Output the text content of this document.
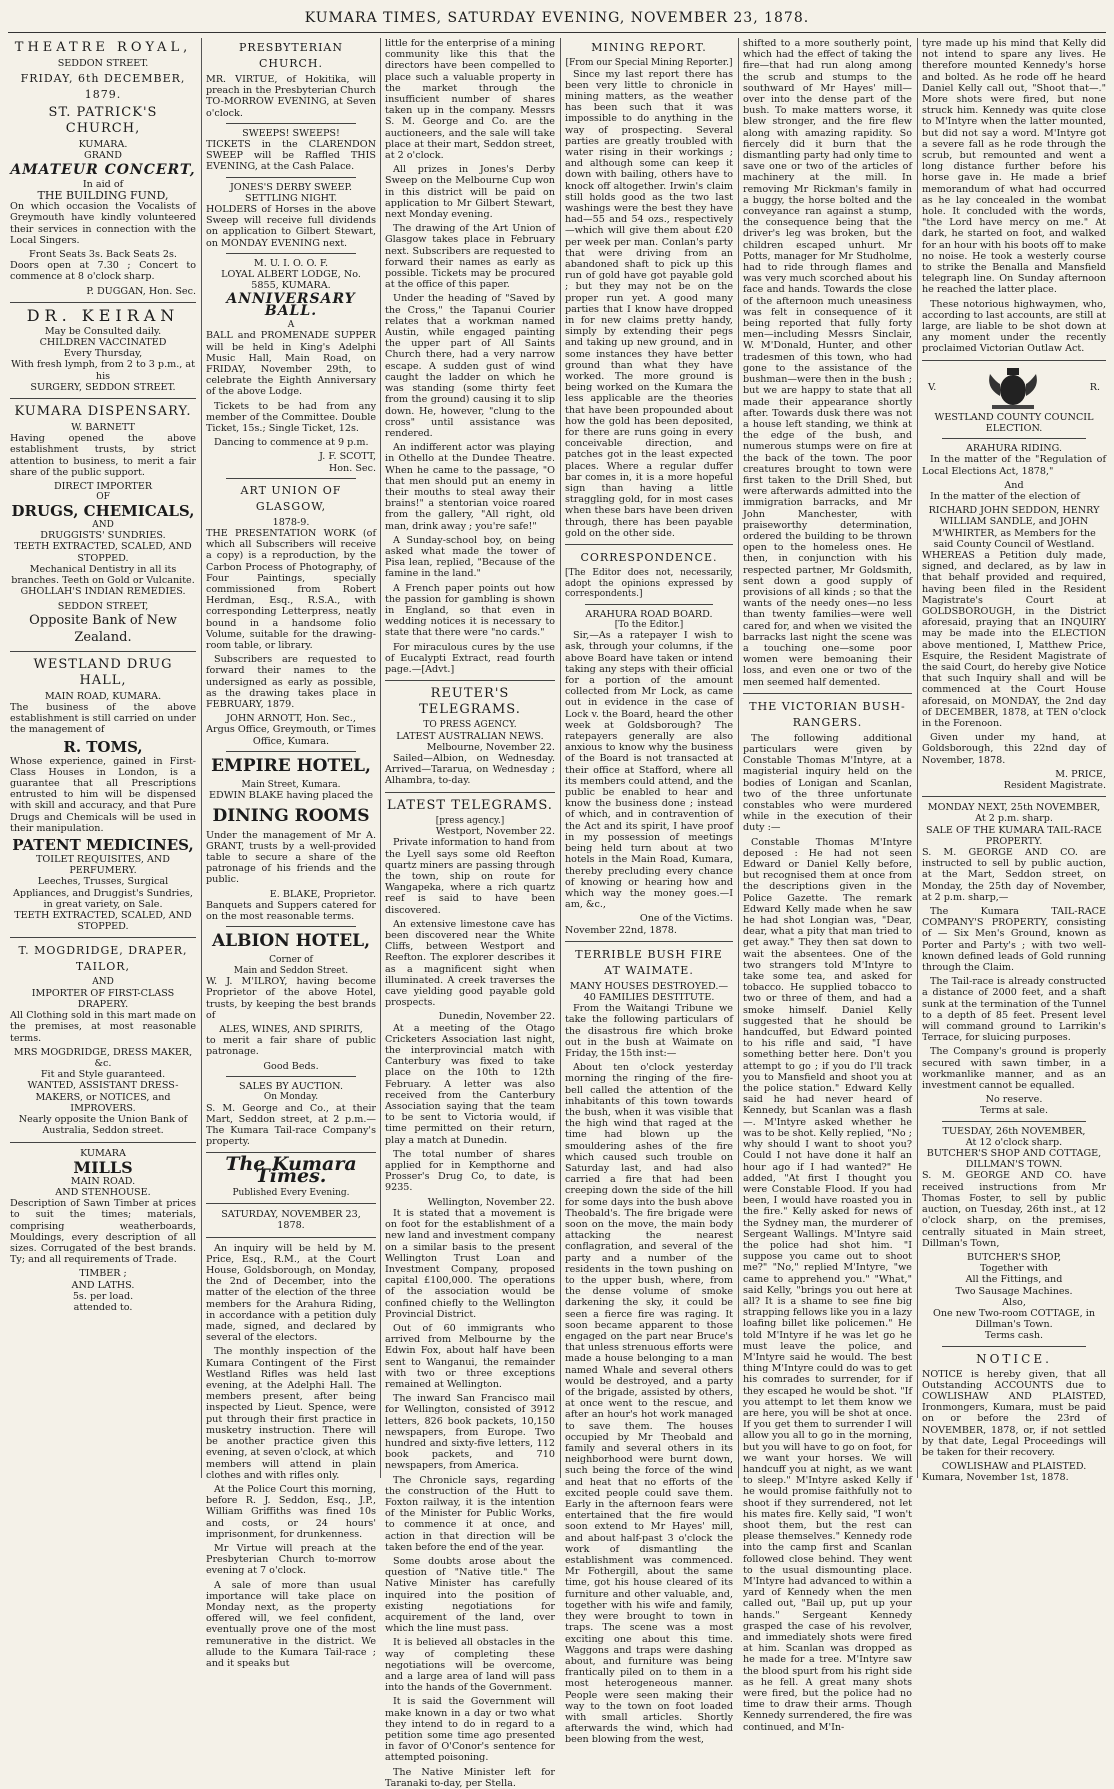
KUMARA TIMES, SATURDAY EVENING, NOVEMBER 23, 1878.
THEATRE ROYAL,
SEDDON STREET.
FRIDAY, 6th DECEMBER, 1879.
ST. PATRICK'S CHURCH,
KUMARA.
GRAND
AMATEUR CONCERT,
In aid of
THE BUILDING FUND,

On which occasion the Vocalists of Greymouth have kindly volunteered their services in connection with the Local Singers.

Front Seats 3s. Back Seats 2s.

Doors open at 7.30 ; Concert to commence at 8 o'clock sharp.

P. DUGGAN, Hon. Sec.
DR. KEIRAN
May be Consulted daily.
CHILDREN VACCINATED
Every Thursday,
With fresh lymph, from 2 to 3 p.m., at his
SURGERY, SEDDON STREET.
KUMARA DISPENSARY.
W. BARNETT

Having opened the above establishment trusts, by strict attention to business, to merit a fair share of the public support.

DIRECT IMPORTER
OF
DRUGS, CHEMICALS,
AND
DRUGGISTS' SUNDRIES.
TEETH EXTRACTED, SCALED, AND STOPPED.
Mechanical Dentistry in all its branches. Teeth on Gold or Vulcanite.
GHOLLAH'S INDIAN REMEDIES.
SEDDON STREET,
Opposite Bank of New Zealand.
WESTLAND DRUG HALL,
MAIN ROAD, KUMARA.

The business of the above establishment is still carried on under the management of

R. TOMS,

Whose experience, gained in First-Class Houses in London, is a guarantee that all Prescriptions entrusted to him will be dispensed with skill and accuracy, and that Pure Drugs and Chemicals will be used in their manipulation.

PATENT MEDICINES,
TOILET REQUISITES, AND PERFUMERY.
Leeches, Trusses, Surgical Appliances, and Druggist's Sundries, in great variety, on Sale.
TEETH EXTRACTED, SCALED, AND STOPPED.
T. MOGDRIDGE, DRAPER, TAILOR,
AND
IMPORTER OF FIRST-CLASS DRAPERY.

All Clothing sold in this mart made on the premises, at most reasonable terms.

MRS MOGDRIDGE, DRESS MAKER, &c.
Fit and Style guaranteed.
WANTED, ASSISTANT DRESS-MAKERS, or NOTICES, and IMPROVERS.
Nearly opposite the Union Bank of Australia, Seddon street.
KUMARA
MILLS
MAIN ROAD.
AND STENHOUSE.

Description of Sawn Timber at prices to suit the times; materials, comprising weatherboards, Mouldings, every description of all sizes. Corrugated of the best brands. Ty; and all requirements of Trade.

TIMBER ;
AND LATHS.
5s. per load.
attended to.
PRESBYTERIAN CHURCH.

MR. VIRTUE, of Hokitika, will preach in the Presbyterian Church TO-MORROW EVENING, at Seven o'clock.

SWEEPS! SWEEPS!

TICKETS in the CLARENDON SWEEP will be Raffled THIS EVENING, at the Cash Palace.

JONES'S DERBY SWEEP.
SETTLING NIGHT.

HOLDERS of Horses in the above Sweep will receive full dividends on application to Gilbert Stewart, on MONDAY EVENING next.

M. U. I. O. O. F.
LOYAL ALBERT LODGE, No. 5855, KUMARA.
ANNIVERSARY BALL.
A

BALL and PROMENADE SUPPER will be held in King's Adelphi Music Hall, Main Road, on FRIDAY, November 29th, to celebrate the Eighth Anniversary of the above Lodge.

Tickets to be had from any member of the Committee. Double Ticket, 15s.; Single Ticket, 12s.

Dancing to commence at 9 p.m.

J. F. SCOTT,
Hon. Sec.
ART UNION OF GLASGOW,
1878-9.

THE PRESENTATION WORK (of which all Subscribers will receive a copy) is a reproduction, by the Carbon Process of Photography, of Four Paintings, specially commissioned from Robert Herdman, Esq., R.S.A., with corresponding Letterpress, neatly bound in a handsome folio Volume, suitable for the drawing-room table, or library.

Subscribers are requested to forward their names to the undersigned as early as possible, as the drawing takes place in FEBRUARY, 1879.

JOHN ARNOTT, Hon. Sec.,
Argus Office, Greymouth, or Times Office, Kumara.
EMPIRE HOTEL,
Main Street, Kumara.
EDWIN BLAKE having placed the
DINING ROOMS

Under the management of Mr A. GRANT, trusts by a well-provided table to secure a share of the patronage of his friends and the public.

E. BLAKE, Proprietor.

Banquets and Suppers catered for on the most reasonable terms.

ALBION HOTEL,
Corner of
Main and Seddon Street.

W. J. M'ILROY, having become Proprietor of the above Hotel, trusts, by keeping the best brands of

ALES, WINES, AND SPIRITS,

to merit a fair share of public patronage.

Good Beds.
SALES BY AUCTION.
On Monday.

S. M. George and Co., at their Mart, Seddon street, at 2 p.m.—The Kumara Tail-race Company's property.

The Kumara Times.
Published Every Evening.
SATURDAY, NOVEMBER 23, 1878.

An inquiry will be held by M. Price, Esq., R.M., at the Court House, Goldsborough, on Monday, the 2nd of December, into the matter of the election of the three members for the Arahura Riding, in accordance with a petition duly made, signed, and declared by several of the electors.

The monthly inspection of the Kumara Contingent of the First Westland Rifles was held last evening, at the Adelphi Hall. The members present, after being inspected by Lieut. Spence, were put through their first practice in musketry instruction. There will be another practice given this evening, at seven o'clock, at which members will attend in plain clothes and with rifles only.

At the Police Court this morning, before R. J. Seddon, Esq., J.P., William Griffiths was fined 10s and costs, or 24 hours' imprisonment, for drunkenness.

Mr Virtue will preach at the Presbyterian Church to-morrow evening at 7 o'clock.

A sale of more than usual importance will take place on Monday next, as the property offered will, we feel confident, eventually prove one of the most remunerative in the district. We allude to the Kumara Tail-race ; and it speaks but

little for the enterprise of a mining community like this that the directors have been compelled to place such a valuable property in the market through the insufficient number of shares taken up in the company. Messrs S. M. George and Co. are the auctioneers, and the sale will take place at their mart, Seddon street, at 2 o'clock.

All prizes in Jones's Derby Sweep on the Melbourne Cup won in this district will be paid on application to Mr Gilbert Stewart, next Monday evening.

The drawing of the Art Union of Glasgow takes place in February next. Subscribers are requested to forward their names as early as possible. Tickets may be procured at the office of this paper.

Under the heading of "Saved by the Cross," the Tapanui Courier relates that a workman named Austin, while engaged painting the upper part of All Saints Church there, had a very narrow escape. A sudden gust of wind caught the ladder on which he was standing (some thirty feet from the ground) causing it to slip down. He, however, "clung to the cross" until assistance was rendered.

An indifferent actor was playing in Othello at the Dundee Theatre. When he came to the passage, "O that men should put an enemy in their mouths to steal away their brains!" a stentorian voice roared from the gallery, "All right, old man, drink away ; you're safe!"

A Sunday-school boy, on being asked what made the tower of Pisa lean, replied, "Because of the famine in the land."

A French paper points out how the passion for gambling is shown in England, so that even in wedding notices it is necessary to state that there were "no cards."

For miraculous cures by the use of Eucalypti Extract, read fourth page.—[Advt.]

REUTER'S TELEGRAMS.
TO PRESS AGENCY.
LATEST AUSTRALIAN NEWS.
Melbourne, November 22.

Sailed—Albion, on Wednesday. Arrived—Tararua, on Wednesday ; Alhambra, to-day.

LATEST TELEGRAMS.
[press agency.]
Westport, November 22.

Private information to hand from the Lyell says some old Reefton quartz miners are passing through the town, ship on route for Wangapeka, where a rich quartz reef is said to have been discovered.

An extensive limestone cave has been discovered near the White Cliffs, between Westport and Reefton. The explorer describes it as a magnificent sight when illuminated. A creek traverses the cave yielding good payable gold prospects.

Dunedin, November 22.

At a meeting of the Otago Cricketers Association last night, the interprovincial match with Canterbury was fixed to take place on the 10th to 12th February. A letter was also received from the Canterbury Association saying that the team to be sent to Victoria would, if time permitted on their return, play a match at Dunedin.

The total number of shares applied for in Kempthorne and Prosser's Drug Co, to date, is 9235.

Wellington, November 22.

It is stated that a movement is on foot for the establishment of a new land and investment company on a similar basis to the present Wellington Trust Loan and Investment Company, proposed capital £100,000. The operations of the association would be confined chiefly to the Wellington Provincial District.

Out of 60 immigrants who arrived from Melbourne by the Edwin Fox, about half have been sent to Wanganui, the remainder with two or three exceptions remained at Wellington.

The inward San Francisco mail for Wellington, consisted of 3912 letters, 826 book packets, 10,150 newspapers, from Europe. Two hundred and sixty-five letters, 112 book packets, and 710 newspapers, from America.

The Chronicle says, regarding the construction of the Hutt to Foxton railway, it is the intention of the Minister for Public Works, to commence it at once, and action in that direction will be taken before the end of the year.

Some doubts arose about the question of "Native title." The Native Minister has carefully inquired into the position of existing negotiations for acquirement of the land, over which the line must pass.

It is believed all obstacles in the way of completing these negotiations will be overcome, and a large area of land will pass into the hands of the Government.

It is said the Government will make known in a day or two what they intend to do in regard to a petition some time ago presented in favor of O'Conor's sentence for attempted poisoning.

The Native Minister left for Taranaki to-day, per Stella.

MINING REPORT.
[From our Special Mining Reporter.]

Since my last report there has been very little to chronicle in mining matters, as the weather has been such that it was impossible to do anything in the way of prospecting. Several parties are greatly troubled with water rising in their workings ; and although some can keep it down with bailing, others have to knock off altogether. Irwin's claim still holds good as the two last washings were the best they have had—55 and 54 ozs., respectively—which will give them about £20 per week per man. Conlan's party that were driving from an abandoned shaft to pick up this run of gold have got payable gold ; but they may not be on the proper run yet. A good many parties that I know have dropped in for new claims pretty handy, simply by extending their pegs and taking up new ground, and in some instances they have better ground than what they have worked. The more ground is being worked on the Kumara the less applicable are the theories that have been propounded about how the gold has been deposited, for there are runs going in every conceivable direction, and patches got in the least expected places. Where a regular duffer bar comes in, it is a more hopeful sign than having a little straggling gold, for in most cases when these bars have been driven through, there has been payable gold on the other side.

CORRESPONDENCE.

[The Editor does not, necessarily, adopt the opinions expressed by correspondents.]

ARAHURA ROAD BOARD.
[To the Editor.]

Sir,—As a ratepayer I wish to ask, through your columns, if the above Board have taken or intend taking any steps with their official for a portion of the amount collected from Mr Lock, as came out in evidence in the case of Lock v. the Board, heard the other week at Goldsborough? The ratepayers generally are also anxious to know why the business of the Board is not transacted at their office at Stafford, where all its members could attend, and the public be enabled to hear and know the business done ; instead of which, and in contravention of the Act and its spirit, I have proof in my possession of meetings being held turn about at two hotels in the Main Road, Kumara, thereby precluding every chance of knowing or hearing how and which way the money goes.—I am, &c.,

One of the Victims.
November 22nd, 1878.
TERRIBLE BUSH FIRE AT WAIMATE.
MANY HOUSES DESTROYED.—40 FAMILIES DESTITUTE.

From the Waitangi Tribune we take the following particulars of the disastrous fire which broke out in the bush at Waimate on Friday, the 15th inst:—

About ten o'clock yesterday morning the ringing of the fire-bell called the attention of the inhabitants of this town towards the bush, when it was visible that the high wind that raged at the time had blown up the smouldering ashes of the fire which caused such trouble on Saturday last, and had also carried a fire that had been creeping down the side of the hill for some days into the bush above Theobald's. The fire brigade were soon on the move, the main body attacking the nearest conflagration, and several of the party and a number of the residents in the town pushing on to the upper bush, where, from the dense volume of smoke darkening the sky, it could be seen a fierce fire was raging. It soon became apparent to those engaged on the part near Bruce's that unless strenuous efforts were made a house belonging to a man named Whale and several others would be destroyed, and a party of the brigade, assisted by others, at once went to the rescue, and after an hour's hot work managed to save them. The houses occupied by Mr Theobald and family and several others in its neighborhood were burnt down, such being the force of the wind and heat that no efforts of the excited people could save them. Early in the afternoon fears were entertained that the fire would soon extend to Mr Hayes' mill, and about half-past 3 o'clock the work of dismantling the establishment was commenced. Mr Fothergill, about the same time, got his house cleared of its furniture and other valuable, and, together with his wife and family, they were brought to town in traps. The scene was a most exciting one about this time. Waggons and traps were dashing about, and furniture was being frantically piled on to them in a most heterogeneous manner. People were seen making their way to the town on foot loaded with small articles. Shortly afterwards the wind, which had been blowing from the west,

shifted to a more southerly point, which had the effect of taking the fire—that had run along among the scrub and stumps to the southward of Mr Hayes' mill—over into the dense part of the bush. To make matters worse, it blew stronger, and the fire flew along with amazing rapidity. So fiercely did it burn that the dismantling party had only time to save one or two of the articles of machinery at the mill. In removing Mr Rickman's family in a buggy, the horse bolted and the conveyance ran against a stump, the consequence being that the driver's leg was broken, but the children escaped unhurt. Mr Potts, manager for Mr Studholme, had to ride through flames and was very much scorched about his face and hands. Towards the close of the afternoon much uneasiness was felt in consequence of it being reported that fully forty men—including Messrs Sinclair, W. M'Donald, Hunter, and other tradesmen of this town, who had gone to the assistance of the bushman—were then in the bush ; but we are happy to state that all made their appearance shortly after. Towards dusk there was not a house left standing, we think at the edge of the bush, and numerous stumps were on fire at the back of the town. The poor creatures brought to town were first taken to the Drill Shed, but were afterwards admitted into the immigration barracks, and Mr John Manchester, with praiseworthy determination, ordered the building to be thrown open to the homeless ones. He then, in conjunction with his respected partner, Mr Goldsmith, sent down a good supply of provisions of all kinds ; so that the wants of the needy ones—no less than twenty families—were well cared for, and when we visited the barracks last night the scene was a touching one—some poor women were bemoaning their loss, and even one or two of the men seemed half demented.

THE VICTORIAN BUSH-RANGERS.

The following additional particulars were given by Constable Thomas M'Intyre, at a magisterial inquiry held on the bodies of Lonigan and Scanlan, two of the three unfortunate constables who were murdered while in the execution of their duty :—

Constable Thomas M'Intyre deposed : He had not seen Edward or Daniel Kelly before, but recognised them at once from the descriptions given in the Police Gazette. The remark Edward Kelly made when he saw he had shot Longian was, "Dear, dear, what a pity that man tried to get away." They then sat down to wait the absentees. One of the two strangers told M'Intyre to take some tea, and asked for tobacco. He supplied tobacco to two or three of them, and had a smoke himself. Daniel Kelly suggested that he should be handcuffed, but Edward pointed to his rifle and said, "I have something better here. Don't you attempt to go ; if you do I'll track you to Mansfield and shoot you at the police station." Edward Kelly said he had never heard of Kennedy, but Scanlan was a flash —. M'Intyre asked whether he was to be shot. Kelly replied, "No ; why should I want to shoot you? Could I not have done it half an hour ago if I had wanted?" He added, "At first I thought you were Constable Flood. If you had been, I would have roasted you in the fire." Kelly asked for news of the Sydney man, the murderer of Sergeant Wallings. M'Intyre said the police had shot him. "I suppose you came out to shoot me?" "No," replied M'Intyre, "we came to apprehend you." "What," said Kelly, "brings you out here at all? It is a shame to see fine big strapping fellows like you in a lazy loafing billet like policemen." He told M'Intyre if he was let go he must leave the police, and M'Intyre said he would. The best thing M'Intyre could do was to get his comrades to surrender, for if they escaped he would be shot. "If you attempt to let them know we are here, you will be shot at once. If you get them to surrender I will allow you all to go in the morning, but you will have to go on foot, for we want your horses. We will handcuff you at night, as we want to sleep." M'Intyre asked Kelly if he would promise faithfully not to shoot if they surrendered, not let his mates fire. Kelly said, "I won't shoot them, but the rest can please themselves." Kennedy rode into the camp first and Scanlan followed close behind. They went to the usual dismounting place. M'Intyre had advanced to within a yard of Kennedy when the men called out, "Bail up, put up your hands." Sergeant Kennedy grasped the case of his revolver, and immediately shots were fired at him. Scanlan was dropped as he made for a tree. M'Intyre saw the blood spurt from his right side as he fell. A great many shots were fired, but the police had no time to draw their arms. Though Kennedy surrendered, the fire was continued, and M'In-

tyre made up his mind that Kelly did not intend to spare any lives. He therefore mounted Kennedy's horse and bolted. As he rode off he heard Daniel Kelly call out, "Shoot that—." More shots were fired, but none struck him. Kennedy was quite close to M'Intyre when the latter mounted, but did not say a word. M'Intyre got a severe fall as he rode through the scrub, but remounted and went a long distance further before his horse gave in. He made a brief memorandum of what had occurred as he lay concealed in the wombat hole. It concluded with the words, "the Lord have mercy on me." At dark, he started on foot, and walked for an hour with his boots off to make no noise. He took a westerly course to strike the Benalla and Mansfield telegraph line. On Sunday afternoon he reached the latter place.

These notorious highwaymen, who, according to last accounts, are still at large, are liable to be shot down at any moment under the recently proclaimed Victorian Outlaw Act.

V.	R.
WESTLAND COUNTY COUNCIL ELECTION.
ARAHURA RIDING.

In the matter of the "Regulation of Local Elections Act, 1878,"

And

In the matter of the election of

RICHARD JOHN SEDDON, HENRY WILLIAM SANDLE, and JOHN M'WHIRTER, as Members for the said County Council of Westland.

WHEREAS a Petition duly made, signed, and declared, as by law in that behalf provided and required, having been filed in the Resident Magistrate's Court at GOLDSBOROUGH, in the District aforesaid, praying that an INQUIRY may be made into the ELECTION above mentioned, I, Matthew Price, Esquire, the Resident Magistrate of the said Court, do hereby give Notice that such Inquiry shall and will be commenced at the Court House aforesaid, on MONDAY, the 2nd day of DECEMBER, 1878, at TEN o'clock in the Forenoon.

Given under my hand, at Goldsborough, this 22nd day of November, 1878.

M. PRICE,
Resident Magistrate.
MONDAY NEXT, 25th NOVEMBER, At 2 p.m. sharp.
SALE OF THE KUMARA TAIL-RACE PROPERTY.

S. M. GEORGE AND CO. are instructed to sell by public auction, at the Mart, Seddon street, on Monday, the 25th day of November, at 2 p.m. sharp,—

The Kumara TAIL-RACE COMPANY'S PROPERTY, consisting of — Six Men's Ground, known as Porter and Party's ; with two well-known defined leads of Gold running through the Claim.

The Tail-race is already constructed a distance of 2000 feet, and a shaft sunk at the termination of the Tunnel to a depth of 85 feet. Present level will command ground to Larrikin's Terrace, for sluicing purposes.

The Company's ground is properly secured with sawn timber, in a workmanlike manner, and as an investment cannot be equalled.

No reserve.
Terms at sale.
TUESDAY, 26th NOVEMBER,
At 12 o'clock sharp.
BUTCHER'S SHOP AND COTTAGE, DILLMAN'S TOWN.

S. M. GEORGE AND CO. have received instructions from Mr Thomas Foster, to sell by public auction, on Tuesday, 26th inst., at 12 o'clock sharp, on the premises, centrally situated in Main street, Dillman's Town,

BUTCHER'S SHOP,
Together with
All the Fittings, and
Two Sausage Machines.
Also,
One new Two-room COTTAGE, in Dillman's Town.
Terms cash.
NOTICE.

NOTICE is hereby given, that all Outstanding ACCOUNTS due to COWLISHAW AND PLAISTED, Ironmongers, Kumara, must be paid on or before the 23rd of NOVEMBER, 1878, or, if not settled by that date, Legal Proceedings will be taken for their recovery.

COWLISHAW and PLAISTED.
Kumara, November 1st, 1878.
